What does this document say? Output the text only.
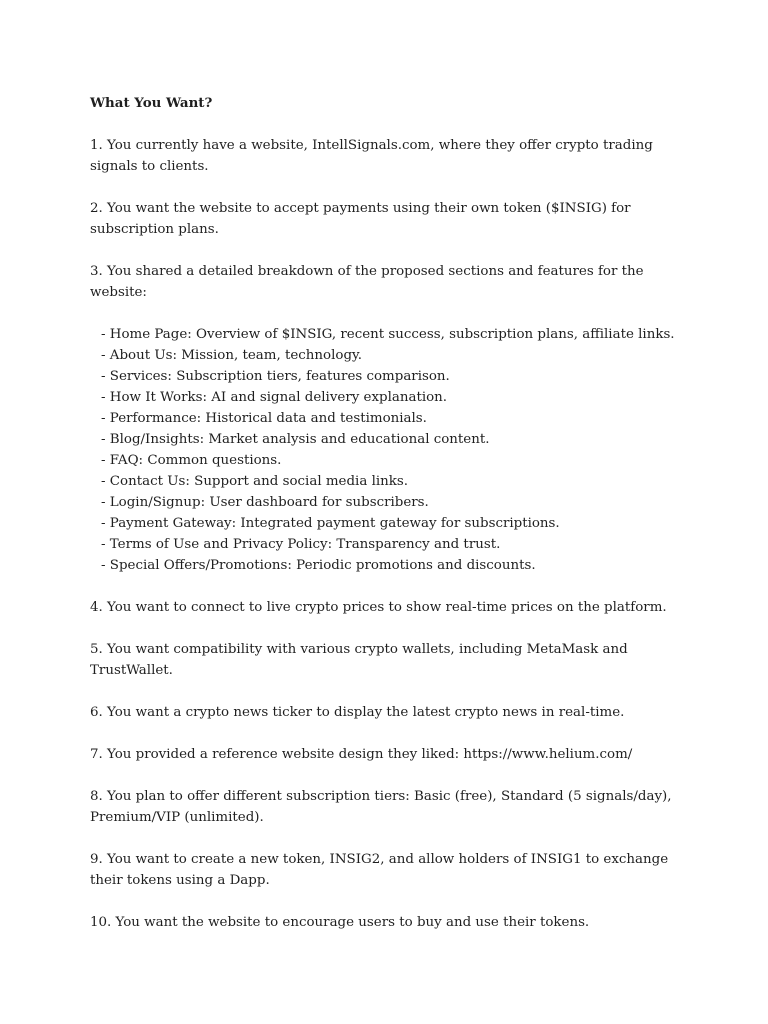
What You Want?

1. You currently have a website, IntellSignals.com, where they offer crypto trading signals to clients.

2. You want the website to accept payments using their own token ($INSIG) for subscription plans.

3. You shared a detailed breakdown of the proposed sections and features for the website:

- Home Page: Overview of $INSIG, recent success, subscription plans, affiliate links.
- About Us: Mission, team, technology.
- Services: Subscription tiers, features comparison.
- How It Works: AI and signal delivery explanation.
- Performance: Historical data and testimonials.
- Blog/Insights: Market analysis and educational content.
- FAQ: Common questions.
- Contact Us: Support and social media links.
- Login/Signup: User dashboard for subscribers.
- Payment Gateway: Integrated payment gateway for subscriptions.
- Terms of Use and Privacy Policy: Transparency and trust.
- Special Offers/Promotions: Periodic promotions and discounts.

4. You want to connect to live crypto prices to show real-time prices on the platform.

5. You want compatibility with various crypto wallets, including MetaMask and TrustWallet.

6. You want a crypto news ticker to display the latest crypto news in real-time.

7. You provided a reference website design they liked: https://www.helium.com/

8. You plan to offer different subscription tiers: Basic (free), Standard (5 signals/day), Premium/VIP (unlimited).

9. You want to create a new token, INSIG2, and allow holders of INSIG1 to exchange their tokens using a Dapp.

10. You want the website to encourage users to buy and use their tokens.
